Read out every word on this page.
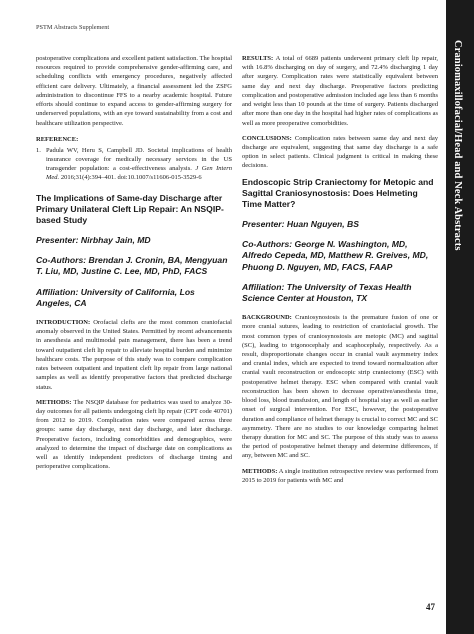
PSTM Abstracts Supplement
Craniomaxillofacial/Head and Neck Abstracts

postoperative complications and excellent patient satisfaction. The hospital resources required to provide comprehensive gender-affirming care, and scheduling conflicts with emergency procedures, negatively affected efficient care delivery. Ultimately, a financial assessment led the ZSFG administration to discontinue FFS to a nearby academic hospital. Future efforts should continue to expand access to gender-affirming surgery for underserved populations, with an eye toward sustainability from a cost and healthcare utilization perspective.

REFERENCE:
1. Padula WV, Heru S, Campbell JD. Societal implications of health insurance coverage for medically necessary services in the US transgender population: a cost-effectiveness analysis. J Gen Intern Med. 2016;31(4):394–401. doi:10.1007/s11606-015-3529-6
The Implications of Same-day Discharge after Primary Unilateral Cleft Lip Repair: An NSQIP-based Study
Presenter: Nirbhay Jain, MD
Co-Authors: Brendan J. Cronin, BA, Mengyuan T. Liu, MD, Justine C. Lee, MD, PhD, FACS
Affiliation: University of California, Los Angeles, CA

INTRODUCTION: Orofacial clefts are the most common craniofacial anomaly observed in the United States. Permitted by recent advancements in anesthesia and multimodal pain management, there has been a trend toward outpatient cleft lip repair to alleviate hospital burden and minimize healthcare costs. The purpose of this study was to compare complication rates between outpatient and inpatient cleft lip repair from large national samples as well as identify preoperative factors that predicted discharge status.

METHODS: The NSQIP database for pediatrics was used to analyze 30-day outcomes for all patients undergoing cleft lip repair (CPT code 40701) from 2012 to 2019. Complication rates were compared across three groups: same day discharge, next day discharge, and later discharge. Preoperative factors, including comorbidities and demographics, were analyzed to determine the impact of discharge date on complications as well as identify independent predictors of discharge timing and perioperative complications.

RESULTS: A total of 6689 patients underwent primary cleft lip repair, with 16.8% discharging on day of surgery, and 72.4% discharging 1 day after surgery. Complication rates were statistically equivalent between same day and next day discharge. Preoperative factors predicting complication and postoperative admission included age less than 6 months and weight less than 10 pounds at the time of surgery. Patients discharged after more than one day in the hospital had higher rates of complications as well as more preoperative comorbidities.

CONCLUSIONS: Complication rates between same day and next day discharge are equivalent, suggesting that same day discharge is a safe option in select patients. Clinical judgment is critical in making these decisions.

Endoscopic Strip Craniectomy for Metopic and Sagittal Craniosynostosis: Does Helmeting Time Matter?
Presenter: Huan Nguyen, BS
Co-Authors: George N. Washington, MD, Alfredo Cepeda, MD, Matthew R. Greives, MD, Phuong D. Nguyen, MD, FACS, FAAP
Affiliation: The University of Texas Health Science Center at Houston, TX

BACKGROUND: Craniosynostosis is the premature fusion of one or more cranial sutures, leading to restriction of craniofacial growth. The most common types of craniosynostosis are metopic (MC) and sagittal (SC), leading to trigonocephaly and scaphocephaly, respectively. As a result, disproportionate changes occur in cranial vault asymmetry index and cranial index, which are expected to trend toward normalization after cranial vault reconstruction or endoscopic strip craniectomy (ESC) with postoperative helmet therapy. ESC when compared with cranial vault reconstruction has been shown to decrease operative/anesthesia time, blood loss, blood transfusion, and length of hospital stay as well as earlier onset of surgical intervention. For ESC, however, the postoperative duration and compliance of helmet therapy is crucial to correct MC and SC asymmetry. There are no studies to our knowledge comparing helmet therapy duration for MC and SC. The purpose of this study was to assess the period of postoperative helmet therapy and determine differences, if any, between MC and SC.

METHODS: A single institution retrospective review was performed from 2015 to 2019 for patients with MC and

47
